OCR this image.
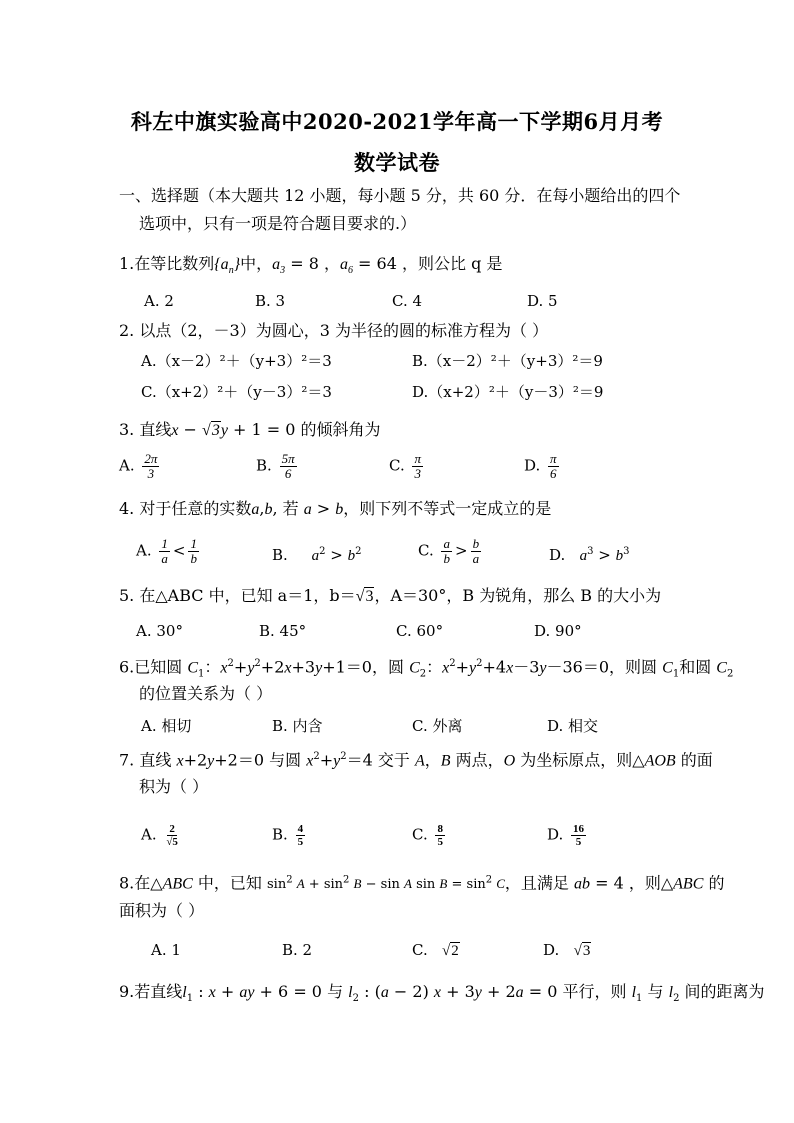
科左中旗实验高中2020-2021学年高一下学期6月月考
数学试卷
一、选择题（本大题共 12 小题，每小题 5 分，共 60 分．在每小题给出的四个
选项中，只有一项是符合题目要求的.）
1.在等比数列$\{a_n\}$中，$a_3 = 8$ ，$a_6 = 64$ ，则公比 q 是
A. 2	B. 3	C. 4	D. 5
2. 以点（2，－3）为圆心，3 为半径的圆的标准方程为（ ）
A.（x－2）²＋（y+3）²＝3	B.（x－2）²＋（y+3）²＝9
C.（x+2）²＋（y－3）²＝3	D.（x+2）²＋（y－3）²＝9
3. 直线x − √3y + 1 = 0 的倾斜角为
A. $\frac{2\pi}{3}$	B. $\frac{5\pi}{6}$	C. $\frac{\pi}{3}$	D. $\frac{\pi}{6}$
4. 对于任意的实数a,b, 若 a > b，则下列不等式一定成立的是
A. $\frac{1}{a} < \frac{1}{b}$	B.     $a^2 > b^2$	C. $\frac{a}{b} > \frac{b}{a}$	D.   $a^3 > b^3$
5. 在△ABC 中，已知 a＝1，b＝√3，A＝30°，B 为锐角，那么 B 的大小为
A. 30°	B. 45°	C. 60°	D. 90°
6.已知圆 $C_1$：$x^2+y^2+2x+3y+1=0$，圆 $C_2$：$x^2+y^2+4x-3y-36=0$，则圆 $C_1$和圆 $C_2$
的位置关系为（ ）
A. 相切	B. 内含	C. 外离	D. 相交
7. 直线 x+2y+2＝0 与圆 $x^2+y^2=4$ 交于 A，B 两点，O 为坐标原点，则△AOB 的面
积为（ ）
A. $\frac{2}{√5}$	B. $\frac{4}{5}$	C. $\frac{8}{5}$	D. $\frac{16}{5}$
8.在△ABC 中，已知 $\sin^2 A + \sin^2 B - \sin A$ $\sin B = \sin^2 C$，且满足 ab = 4 ，则△ABC 的
面积为（ ）
A. 1	B. 2	C.   √2	D.   √3
9.若直线$l_1$ : x + ay + 6 = 0 与 $l_2$ : (a − 2) x + 3y + 2a = 0 平行，则 $l_1$ 与 $l_2$ 间的距离为
